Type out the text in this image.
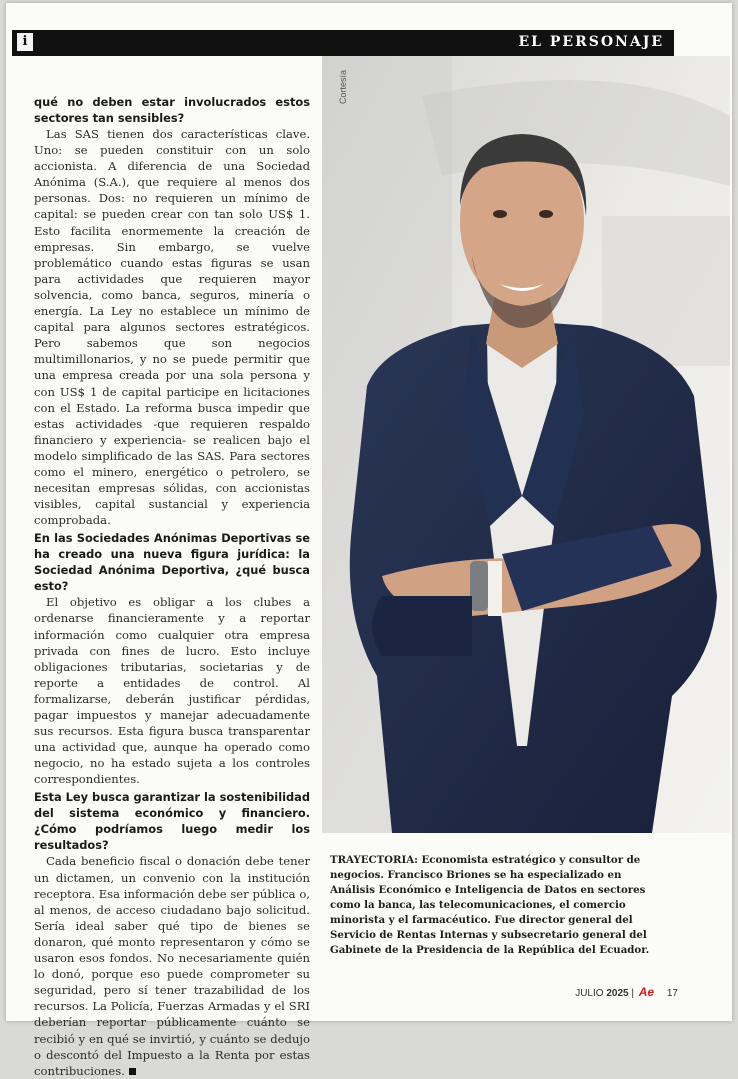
i	EL PERSONAJE

qué no deben estar involucrados estos sectores tan sensibles?

Las SAS tienen dos características clave. Uno: se pueden constituir con un solo accionista. A diferencia de una Sociedad Anónima (S.A.), que requiere al menos dos personas. Dos: no requieren un mínimo de capital: se pueden crear con tan solo US$ 1. Esto facilita enormemente la creación de empresas. Sin embargo, se vuelve problemático cuando estas figuras se usan para actividades que requieren mayor solvencia, como banca, seguros, minería o energía. La Ley no establece un mínimo de capital para algunos sectores estratégicos. Pero sabemos que son negocios multimillonarios, y no se puede permitir que una empresa creada por una sola persona y con US$ 1 de capital participe en licitaciones con el Estado. La reforma busca impedir que estas actividades -que requieren respaldo financiero y experiencia- se realicen bajo el modelo simplificado de las SAS. Para sectores como el minero, energético o petrolero, se necesitan empresas sólidas, con accionistas visibles, capital sustancial y experiencia comprobada.

En las Sociedades Anónimas Deportivas se ha creado una nueva figura jurídica: la Sociedad Anónima Deportiva, ¿qué busca esto?

El objetivo es obligar a los clubes a ordenarse financieramente y a reportar información como cualquier otra empresa privada con fines de lucro. Esto incluye obligaciones tributarias, societarias y de reporte a entidades de control. Al formalizarse, deberán justificar pérdidas, pagar impuestos y manejar adecuadamente sus recursos. Esta figura busca transparentar una actividad que, aunque ha operado como negocio, no ha estado sujeta a los controles correspondientes.

Esta Ley busca garantizar la sostenibilidad del sistema económico y financiero. ¿Cómo podríamos luego medir los resultados?

Cada beneficio fiscal o donación debe tener un dictamen, un convenio con la institución receptora. Esa información debe ser pública o, al menos, de acceso ciudadano bajo solicitud. Sería ideal saber qué tipo de bienes se donaron, qué monto representaron y cómo se usaron esos fondos. No necesariamente quién lo donó, porque eso puede comprometer su seguridad, pero sí tener trazabilidad de los recursos. La Policía, Fuerzas Armadas y el SRI deberían reportar públicamente cuánto se recibió y en qué se invirtió, y cuánto se dedujo o descontó del Impuesto a la Renta por estas contribuciones.

Cortesía
TRAYECTORIA: Economista estratégico y consultor de negocios. Francisco Briones se ha especializado en Análisis Económico e Inteligencia de Datos en sectores como la banca, las telecomunicaciones, el comercio minorista y el farmacéutico. Fue director general del Servicio de Rentas Internas y subsecretario general del Gabinete de la Presidencia de la República del Ecuador.
JULIO 2025 | Ae 17
